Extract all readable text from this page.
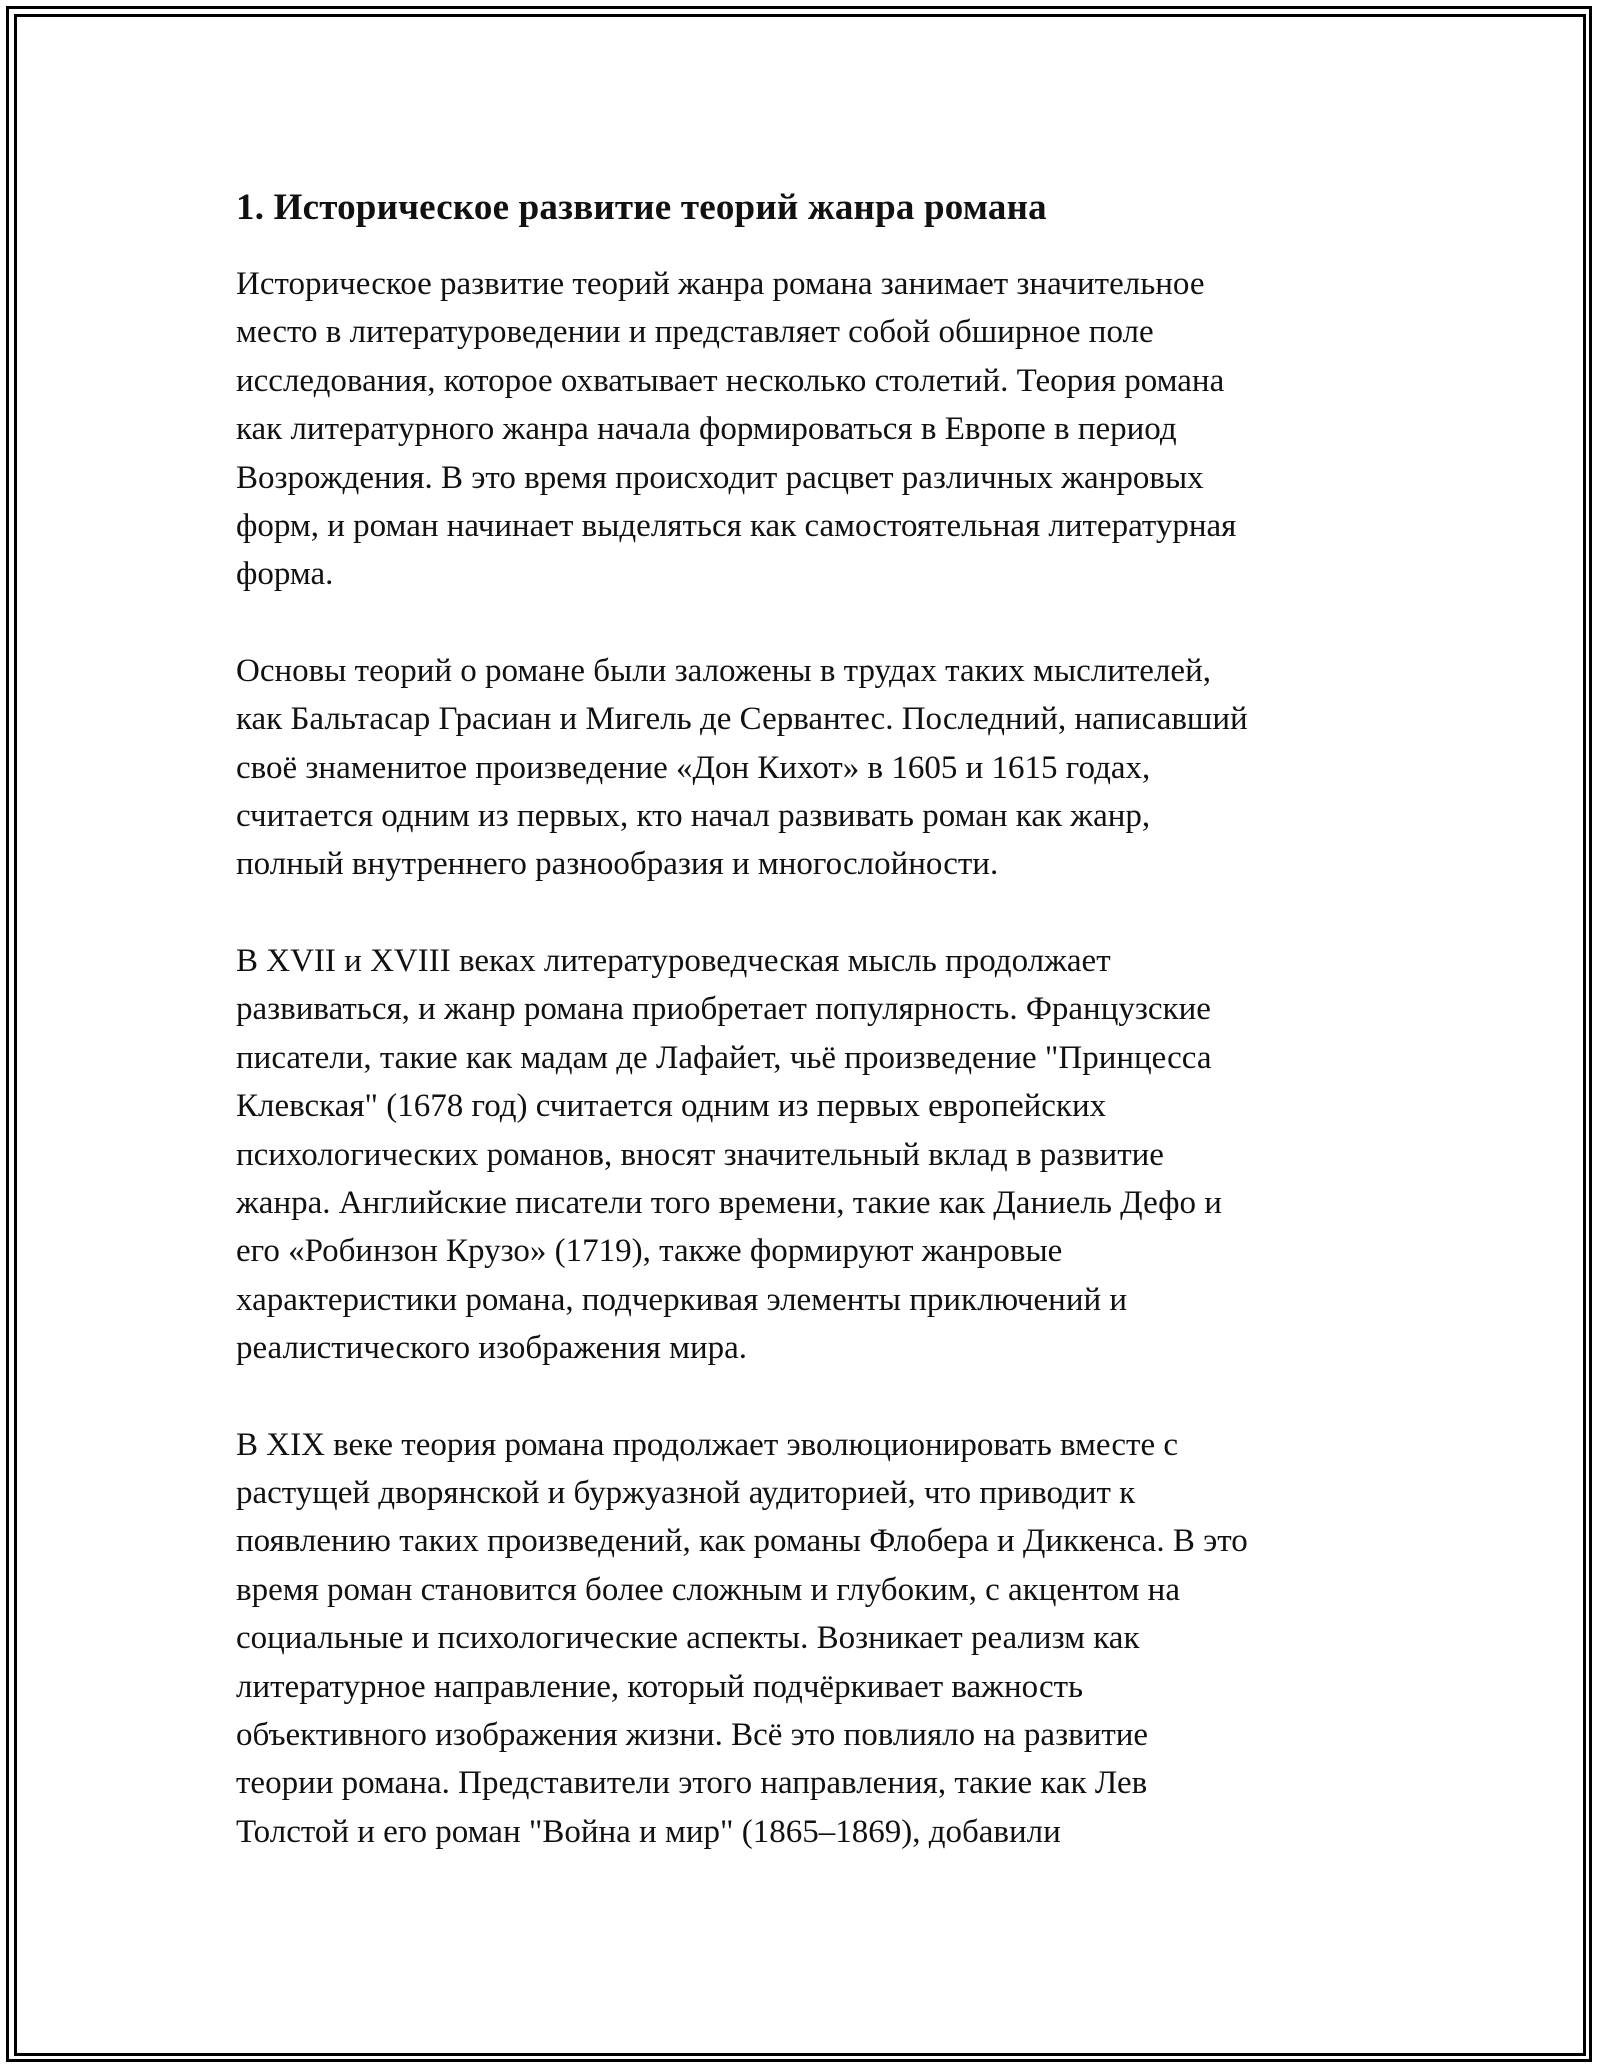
1. Историческое развитие теорий жанра романа

Историческое развитие теорий жанра романа занимает значительное
место в литературоведении и представляет собой обширное поле
исследования, которое охватывает несколько столетий. Теория романа
как литературного жанра начала формироваться в Европе в период
Возрождения. В это время происходит расцвет различных жанровых
форм, и роман начинает выделяться как самостоятельная литературная
форма.

Основы теорий о романе были заложены в трудах таких мыслителей,
как Бальтасар Грасиан и Мигель де Сервантес. Последний, написавший
своё знаменитое произведение «Дон Кихот» в 1605 и 1615 годах,
считается одним из первых, кто начал развивать роман как жанр,
полный внутреннего разнообразия и многослойности.

В XVII и XVIII веках литературоведческая мысль продолжает
развиваться, и жанр романа приобретает популярность. Французские
писатели, такие как мадам де Лафайет, чьё произведение "Принцесса
Клевская" (1678 год) считается одним из первых европейских
психологических романов, вносят значительный вклад в развитие
жанра. Английские писатели того времени, такие как Даниель Дефо и
его «Робинзон Крузо» (1719), также формируют жанровые
характеристики романа, подчеркивая элементы приключений и
реалистического изображения мира.

В XIX веке теория романа продолжает эволюционировать вместе с
растущей дворянской и буржуазной аудиторией, что приводит к
появлению таких произведений, как романы Флобера и Диккенса. В это
время роман становится более сложным и глубоким, с акцентом на
социальные и психологические аспекты. Возникает реализм как
литературное направление, который подчёркивает важность
объективного изображения жизни. Всё это повлияло на развитие
теории романа. Представители этого направления, такие как Лев
Толстой и его роман "Война и мир" (1865–1869), добавили
